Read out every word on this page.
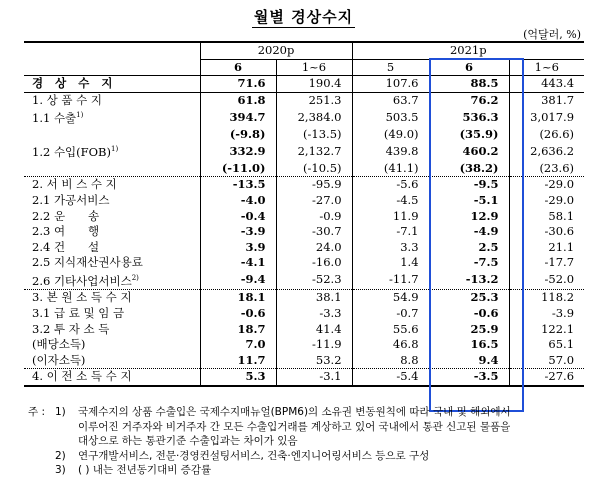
월별 경상수지
(억달러, %)
	2020p		2021p		
	6	1~6	5	6	1~6
경 상 수 지	71.6	190.4	107.6	88.5	443.4
1. 상 품 수 지	61.8	251.3	63.7	76.2	381.7
1.1 수출$^{1)}$	394.7	2,384.0	503.5	536.3	3,017.9
	(-9.8)	(-13.5)	(49.0)	(35.9)	(26.6)
1.2 수입(FOB)$^{1)}$	332.9	2,132.7	439.8	460.2	2,636.2
	(-11.0)	(-10.5)	(41.1)	(38.2)	(23.6)
2. 서 비 스 수 지	-13.5	-95.9	-5.6	-9.5	-29.0
2.1 가공서비스	-4.0	-27.0	-4.5	-5.1	-29.0
2.2 운　　송	-0.4	-0.9	11.9	12.9	58.1
2.3 여　　행	-3.9	-30.7	-7.1	-4.9	-30.6
2.4 건　　설	3.9	24.0	3.3	2.5	21.1
2.5 지식재산권사용료	-4.1	-16.0	1.4	-7.5	-17.7
2.6 기타사업서비스$^{2)}$	-9.4	-52.3	-11.7	-13.2	-52.0
3. 본 원 소 득 수 지	18.1	38.1	54.9	25.3	118.2
3.1 급 료 및 임 금	-0.6	-3.3	-0.7	-0.6	-3.9
3.2 투 자 소 득	18.7	41.4	55.6	25.9	122.1
(배당소득)	7.0	-11.9	46.8	16.5	65.1
(이자소득)	11.7	53.2	8.8	9.4	57.0
4. 이 전 소 득 수 지	5.3	-3.1	-5.4	-3.5	-27.6
주 : 1) 국제수지의 상품 수출입은 국제수지매뉴얼(BPM6)의 소유권 변동원칙에 따라 국내 및 해외에서
이루어진 거주자와 비거주자 간 모든 수출입거래를 계상하고 있어 국내에서 통관 신고된 물품을
대상으로 하는 통관기준 수출입과는 차이가 있음
2) 연구개발서비스, 전문·경영컨설팅서비스, 건축·엔지니어링서비스 등으로 구성
3) ( ) 내는 전년동기대비 증감률
